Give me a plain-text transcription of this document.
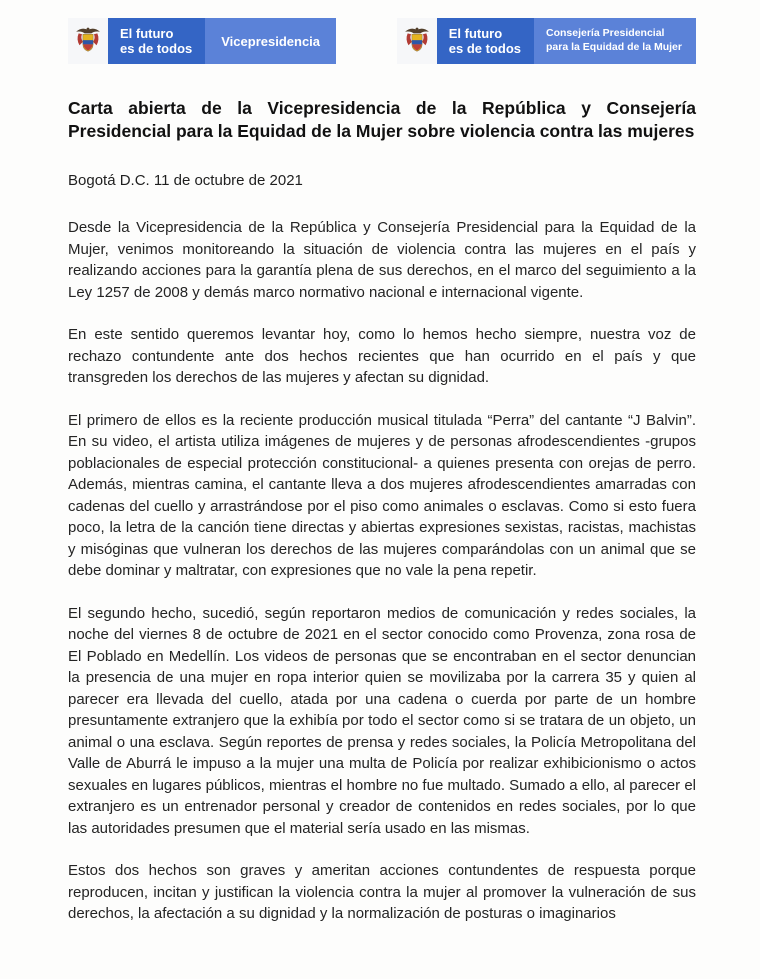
El futuro
es de todos	Vicepresidencia
El futuro
es de todos
Consejería Presidencial para la Equidad de la Mujer
Carta abierta de la Vicepresidencia de la República y Consejería Presidencial para la Equidad de la Mujer sobre violencia contra las mujeres

Bogotá D.C. 11 de octubre de 2021

Desde la Vicepresidencia de la República y Consejería Presidencial para la Equidad de la Mujer, venimos monitoreando la situación de violencia contra las mujeres en el país y realizando acciones para la garantía plena de sus derechos, en el marco del seguimiento a la Ley 1257 de 2008 y demás marco normativo nacional e internacional vigente.

En este sentido queremos levantar hoy, como lo hemos hecho siempre, nuestra voz de rechazo contundente ante dos hechos recientes que han ocurrido en el país y que transgreden los derechos de las mujeres y afectan su dignidad.

El primero de ellos es la reciente producción musical titulada “Perra” del cantante “J Balvin”. En su video, el artista utiliza imágenes de mujeres y de personas afrodescendientes -grupos poblacionales de especial protección constitucional- a quienes presenta con orejas de perro. Además, mientras camina, el cantante lleva a dos mujeres afrodescendientes amarradas con cadenas del cuello y arrastrándose por el piso como animales o esclavas. Como si esto fuera poco, la letra de la canción tiene directas y abiertas expresiones sexistas, racistas, machistas y misóginas que vulneran los derechos de las mujeres comparándolas con un animal que se debe dominar y maltratar, con expresiones que no vale la pena repetir.

El segundo hecho, sucedió, según reportaron medios de comunicación y redes sociales, la noche del viernes 8 de octubre de 2021 en el sector conocido como Provenza, zona rosa de El Poblado en Medellín. Los videos de personas que se encontraban en el sector denuncian la presencia de una mujer en ropa interior quien se movilizaba por la carrera 35 y quien al parecer era llevada del cuello, atada por una cadena o cuerda por parte de un hombre presuntamente extranjero que la exhibía por todo el sector como si se tratara de un objeto, un animal o una esclava. Según reportes de prensa y redes sociales, la Policía Metropolitana del Valle de Aburrá le impuso a la mujer una multa de Policía por realizar exhibicionismo o actos sexuales en lugares públicos, mientras el hombre no fue multado. Sumado a ello, al parecer el extranjero es un entrenador personal y creador de contenidos en redes sociales, por lo que las autoridades presumen que el material sería usado en las mismas.

Estos dos hechos son graves y ameritan acciones contundentes de respuesta porque reproducen, incitan y justifican la violencia contra la mujer al promover la vulneración de sus derechos, la afectación a su dignidad y la normalización de posturas o imaginarios
